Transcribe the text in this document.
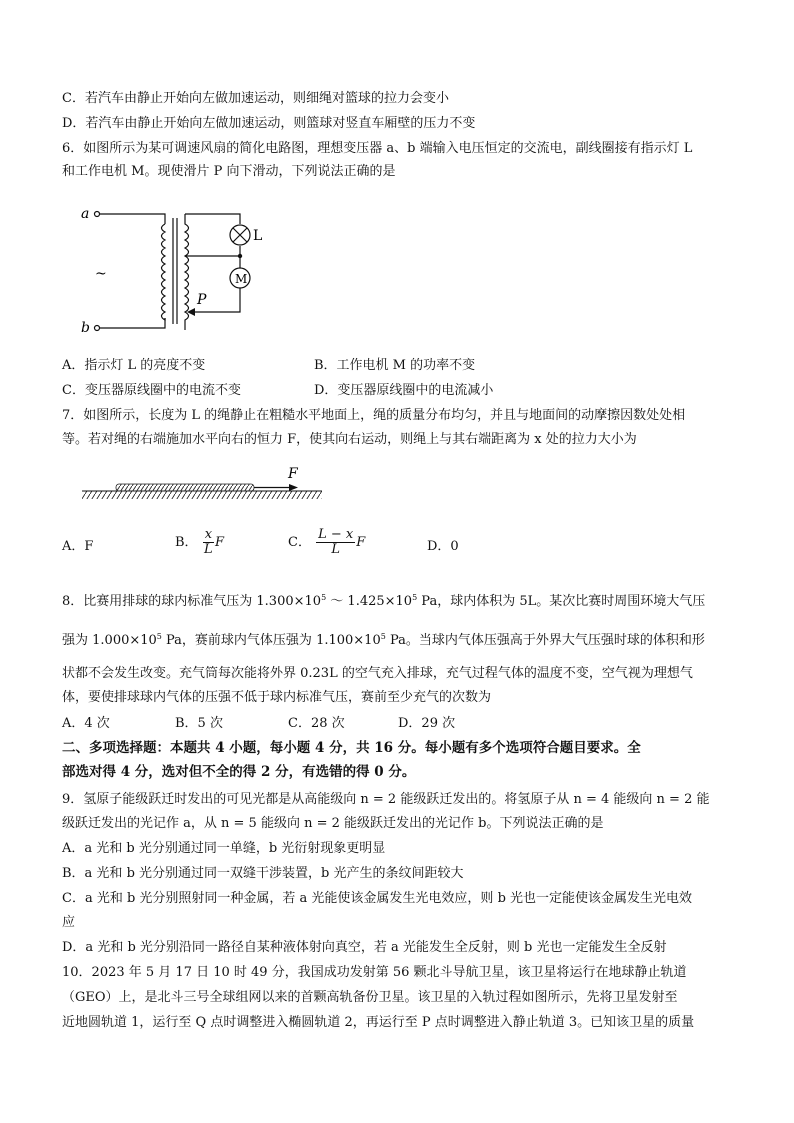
C．若汽车由静止开始向左做加速运动，则细绳对篮球的拉力会变小
D．若汽车由静止开始向左做加速运动，则篮球对竖直车厢壁的压力不变
6．如图所示为某可调速风扇的简化电路图，理想变压器 a、b 端输入电压恒定的交流电，副线圈接有指示灯 L
和工作电机 M。现使滑片 P 向下滑动，下列说法正确的是
a
b
~
L
M
P
A．指示灯 L 的亮度不变	B．工作电机 M 的功率不变
C．变压器原线圈中的电流不变	D．变压器原线圈中的电流减小
7．如图所示，长度为 L 的绳静止在粗糙水平地面上，绳的质量分布均匀，并且与地面间的动摩擦因数处处相
等。若对绳的右端施加水平向右的恒力 F，使其向右运动，则绳上与其右端距离为 x 处的拉力大小为
F
A．F	B． $\frac{x}{L}$ F	C． $\frac{L - x}{L}$ F	D．0
8．比赛用排球的球内标准气压为 $1.300\times 10^5$ ～ $1.425\times 10^5$ Pa，球内体积为 5L。某次比赛时周围环境大气压
强为 $1.000\times 10^5$ Pa，赛前球内气体压强为 $1.100\times 10^5$ Pa。当球内气体压强高于外界大气压强时球的体积和形
状都不会发生改变。充气筒每次能将外界 0.23L 的空气充入排球，充气过程气体的温度不变，空气视为理想气
体，要使排球球内气体的压强不低于球内标准气压，赛前至少充气的次数为
A．4 次	B．5 次	C．28 次	D．29 次
二、多项选择题：本题共 4 小题，每小题 4 分，共 16 分。每小题有多个选项符合题目要求。全
部选对得 4 分，选对但不全的得 2 分，有选错的得 0 分。
9．氢原子能级跃迁时发出的可见光都是从高能级向 n = 2 能级跃迁发出的。将氢原子从 n = 4 能级向 n = 2 能
级跃迁发出的光记作 a，从 n = 5 能级向 n = 2 能级跃迁发出的光记作 b。下列说法正确的是
A．a 光和 b 光分别通过同一单缝，b 光衍射现象更明显
B．a 光和 b 光分别通过同一双缝干涉装置，b 光产生的条纹间距较大
C．a 光和 b 光分别照射同一种金属，若 a 光能使该金属发生光电效应，则 b 光也一定能使该金属发生光电效
应
D．a 光和 b 光分别沿同一路径自某种液体射向真空，若 a 光能发生全反射，则 b 光也一定能发生全反射
10．2023 年 5 月 17 日 10 时 49 分，我国成功发射第 56 颗北斗导航卫星，该卫星将运行在地球静止轨道
（GEO）上，是北斗三号全球组网以来的首颗高轨备份卫星。该卫星的入轨过程如图所示，先将卫星发射至
近地圆轨道 1，运行至 Q 点时调整进入椭圆轨道 2，再运行至 P 点时调整进入静止轨道 3。已知该卫星的质量
